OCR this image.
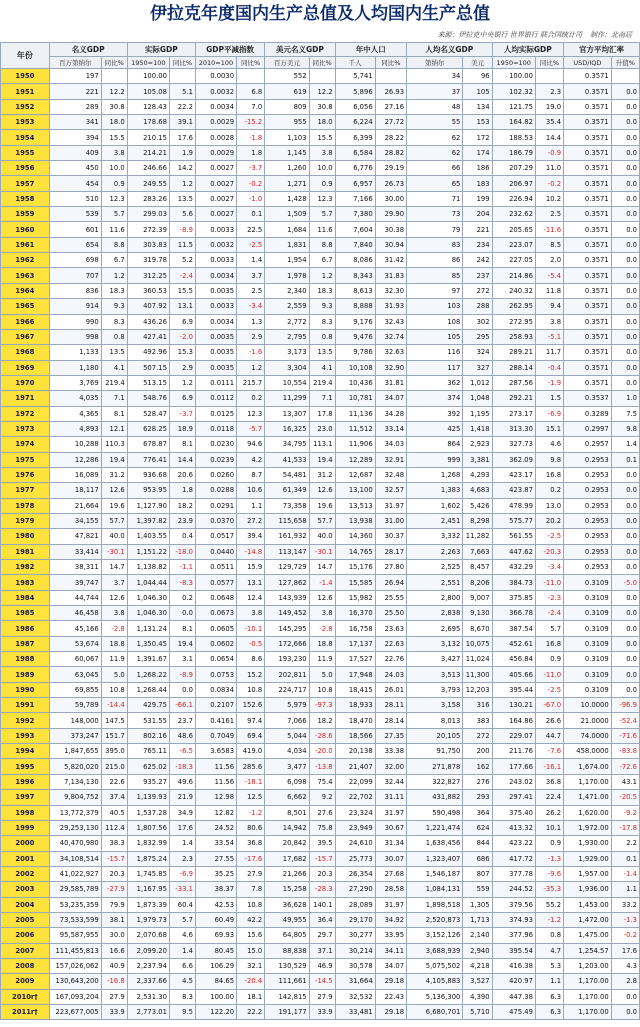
伊拉克年度国内生产总值及人均国内生产总值
来源：伊拉克中央银行 世界银行 联合国统计司 制作：北南居
年份	名义GDP		实际GDP		GDP平减指数		美元名义GDP		年中人口		人均名义GDP		人均实际GDP		官方平均汇率	
	百万第纳尔	同比%	1950=100	同比%	2010=100	同比%	百万美元	同比%	千人	同比%	第纳尔	美元	1950=100	同比%	USD/IQD	升值%
1950	197		100.00		0.0030		552		5,741		34	96	100.00		0.3571	
1951	221	12.2	105.08	5.1	0.0032	6.8	619	12.2	5,896	26.93	37	105	102.32	2.3	0.3571	0.0
1952	289	30.8	128.43	22.2	0.0034	7.0	809	30.8	6,056	27.16	48	134	121.75	19.0	0.3571	0.0
1953	341	18.0	178.68	39.1	0.0029	-15.2	955	18.0	6,224	27.72	55	153	164.82	35.4	0.3571	0.0
1954	394	15.5	210.15	17.6	0.0028	-1.8	1,103	15.5	6,399	28.22	62	172	188.53	14.4	0.3571	0.0
1955	409	3.8	214.21	1.9	0.0029	1.8	1,145	3.8	6,584	28.82	62	174	186.79	-0.9	0.3571	0.0
1956	450	10.0	246.66	14.2	0.0027	-3.7	1,260	10.0	6,776	29.19	66	186	207.29	11.0	0.3571	0.0
1957	454	0.9	249.55	1.2	0.0027	-0.2	1,271	0.9	6,957	26.73	65	183	206.97	-0.2	0.3571	0.0
1958	510	12.3	283.26	13.5	0.0027	-1.0	1,428	12.3	7,166	30.00	71	199	226.94	10.2	0.3571	0.0
1959	539	5.7	299.03	5.6	0.0027	0.1	1,509	5.7	7,380	29.90	73	204	232.62	2.5	0.3571	0.0
1960	601	11.6	272.39	-8.9	0.0033	22.5	1,684	11.6	7,604	30.38	79	221	205.65	-11.6	0.3571	0.0
1961	654	8.8	303.83	11.5	0.0032	-2.5	1,831	8.8	7,840	30.94	83	234	223.07	8.5	0.3571	0.0
1962	698	6.7	319.78	5.2	0.0033	1.4	1,954	6.7	8,086	31.42	86	242	227.05	2.0	0.3571	0.0
1963	707	1.2	312.25	-2.4	0.0034	3.7	1,978	1.2	8,343	31.83	85	237	214.86	-5.4	0.3571	0.0
1964	836	18.3	360.53	15.5	0.0035	2.5	2,340	18.3	8,613	32.30	97	272	240.32	11.8	0.3571	0.0
1965	914	9.3	407.92	13.1	0.0033	-3.4	2,559	9.3	8,888	31.93	103	288	262.95	9.4	0.3571	0.0
1966	990	8.3	436.26	6.9	0.0034	1.3	2,772	8.3	9,176	32.43	108	302	272.95	3.8	0.3571	0.0
1967	998	0.8	427.41	-2.0	0.0035	2.9	2,795	0.8	9,476	32.74	105	295	258.93	-5.1	0.3571	0.0
1968	1,133	13.5	492.96	15.3	0.0035	-1.6	3,173	13.5	9,786	32.63	116	324	289.21	11.7	0.3571	0.0
1969	1,180	4.1	507.15	2.9	0.0035	1.2	3,304	4.1	10,108	32.90	117	327	288.14	-0.4	0.3571	0.0
1970	3,769	219.4	513.15	1.2	0.0111	215.7	10,554	219.4	10,436	31.81	362	1,012	287.56	-1.9	0.3571	0.0
1971	4,035	7.1	548.76	6.9	0.0112	0.2	11,299	7.1	10,781	34.07	374	1,048	292.21	1.5	0.3537	1.0
1972	4,365	8.1	528.47	-3.7	0.0125	12.3	13,307	17.8	11,136	34.28	392	1,195	273.17	-6.9	0.3289	7.5
1973	4,893	12.1	628.25	18.9	0.0118	-5.7	16,325	23.0	11,512	33.14	425	1,418	313.30	15.1	0.2997	9.8
1974	10,288	110.3	678.87	8.1	0.0230	94.6	34,795	113.1	11,906	34.03	864	2,923	327.73	4.6	0.2957	1.4
1975	12,286	19.4	776.41	14.4	0.0239	4.2	41,533	19.4	12,289	32.91	999	3,381	362.09	9.8	0.2953	0.1
1976	16,089	31.2	936.68	20.6	0.0260	8.7	54,481	31.2	12,687	32.48	1,268	4,293	423.17	16.8	0.2953	0.0
1977	18,117	12.6	953.95	1.8	0.0288	10.6	61,349	12.6	13,100	32.57	1,383	4,683	423.87	0.2	0.2953	0.0
1978	21,664	19.6	1,127.90	18.2	0.0291	1.1	73,358	19.6	13,513	31.97	1,602	5,426	478.99	13.0	0.2953	0.0
1979	34,155	57.7	1,397.82	23.9	0.0370	27.2	115,658	57.7	13,938	31.00	2,451	8,298	575.77	20.2	0.2953	0.0
1980	47,821	40.0	1,403.55	0.4	0.0517	39.4	161,932	40.0	14,360	30.37	3,332	11,282	561.55	-2.5	0.2953	0.0
1981	33,414	-30.1	1,151.22	-18.0	0.0440	-14.8	113,147	-30.1	14,765	28.17	2,263	7,663	447.62	-20.3	0.2953	0.0
1982	38,311	14.7	1,138.82	-1.1	0.0511	15.9	129,729	14.7	15,176	27.80	2,525	8,457	432.29	-3.4	0.2953	0.0
1983	39,747	3.7	1,044.44	-8.3	0.0577	13.1	127,862	-1.4	15,585	26.94	2,551	8,206	384.73	-11.0	0.3109	-5.0
1984	44,744	12.6	1,046.30	0.2	0.0648	12.4	143,939	12.6	15,982	25.55	2,800	9,007	375.85	-2.3	0.3109	0.0
1985	46,458	3.8	1,046.30	0.0	0.0673	3.8	149,452	3.8	16,370	25.50	2,838	9,130	366.78	-2.4	0.3109	0.0
1986	45,166	-2.8	1,131.24	8.1	0.0605	-10.1	145,295	-2.8	16,758	23.63	2,695	8,670	387.54	5.7	0.3109	0.0
1987	53,674	18.8	1,350.45	19.4	0.0602	-0.5	172,666	18.8	17,137	22.63	3,132	10,075	452.61	16.8	0.3109	0.0
1988	60,067	11.9	1,391.67	3.1	0.0654	8.6	193,230	11.9	17,527	22.76	3,427	11,024	456.84	0.9	0.3109	0.0
1989	63,045	5.0	1,268.22	-8.9	0.0753	15.2	202,811	5.0	17,948	24.03	3,513	11,300	405.66	-11.0	0.3109	0.0
1990	69,855	10.8	1,268.44	0.0	0.0834	10.8	224,717	10.8	18,415	26.01	3,793	12,203	395.44	-2.5	0.3109	0.0
1991	59,789	-14.4	429.75	-66.1	0.2107	152.6	5,979	-97.3	18,933	28.11	3,158	316	130.21	-67.0	10.0000	-96.9
1992	148,000	147.5	531.55	23.7	0.4161	97.4	7,066	18.2	18,470	28.14	8,013	383	164.86	26.6	21.0000	-52.4
1993	373,247	151.7	802.16	48.6	0.7049	69.4	5,044	-28.6	18,566	27.35	20,105	272	229.07	44.7	74.0000	-71.6
1994	1,847,655	395.0	765.11	-6.5	3.6583	419.0	4,034	-20.0	20,138	33.38	91,750	200	211.76	-7.6	458.0000	-83.8
1995	5,820,020	215.0	625.02	-18.3	11.56	285.6	3,477	-13.8	21,407	32.00	271,878	162	177.66	-16.1	1,674.00	-72.6
1996	7,134,130	22.6	935.27	49.6	11.56	-18.1	6,098	75.4	22,099	32.44	322,827	276	243.02	36.8	1,170.00	43.1
1997	9,804,752	37.4	1,139.93	21.9	12.98	12.5	6,662	9.2	22,702	31.11	431,882	293	297.41	22.4	1,471.00	-20.5
1998	13,772,379	40.5	1,537.28	34.9	12.82	-1.2	8,501	27.6	23,324	31.97	590,498	364	375.40	26.2	1,620.00	-9.2
1999	29,253,130	112.4	1,807.56	17.6	24.52	80.6	14,942	75.8	23,949	30.67	1,221,474	624	413.32	10.1	1,972.00	-17.8
2000	40,470,980	38.3	1,832.99	1.4	33.54	36.8	20,842	39.5	24,610	31.34	1,638,456	844	423.22	0.9	1,930.00	2.2
2001	34,108,514	-15.7	1,875.24	2.3	27.55	-17.6	17,682	-15.7	25,773	30.07	1,323,407	686	417.72	-1.3	1,929.00	0.1
2002	41,022,927	20.3	1,745.85	-6.9	35.25	27.9	21,266	20.3	26,354	27.68	1,546,187	807	377.78	-9.6	1,957.00	-1.4
2003	29,585,789	-27.9	1,167.95	-33.1	38.37	7.8	15,258	-28.3	27,290	28.58	1,084,131	559	244.52	-35.3	1,936.00	1.1
2004	53,235,359	79.9	1,873.39	60.4	42.53	10.8	36,628	140.1	28,089	31.97	1,898,518	1,305	379.56	55.2	1,453.00	33.2
2005	73,533,599	38.1	1,979.73	5.7	60.49	42.2	49,955	36.4	29,170	34.92	2,520,873	1,713	374.93	-1.2	1,472.00	-1.3
2006	95,587,955	30.0	2,070.68	4.6	69.93	15.6	64,805	29.7	30,277	33.95	3,152,126	2,140	377.96	0.8	1,475.00	-0.2
2007	111,455,813	16.6	2,099.20	1.4	80.45	15.0	88,838	37.1	30,214	34.11	3,688,939	2,940	395.54	4.7	1,254.57	17.6
2008	157,026,062	40.9	2,237.94	6.6	106.29	32.1	130,529	46.9	30,578	34.07	5,075,502	4,218	416.38	5.3	1,203.00	4.3
2009	130,643,200	-16.8	2,337.66	4.5	84.65	-20.4	111,661	-14.5	31,664	29.18	4,105,883	3,527	420.97	1.1	1,170.00	2.8
2010r†	167,093,204	27.9	2,531.30	8.3	100.00	18.1	142,815	27.9	32,532	22.43	5,136,300	4,390	447.38	6.3	1,170.00	0.0
2011r†	223,677,005	33.9	2,773.01	9.5	122.20	22.2	191,177	33.9	33,481	29.18	6,680,701	5,710	475.49	6.3	1,170.00	0.0
